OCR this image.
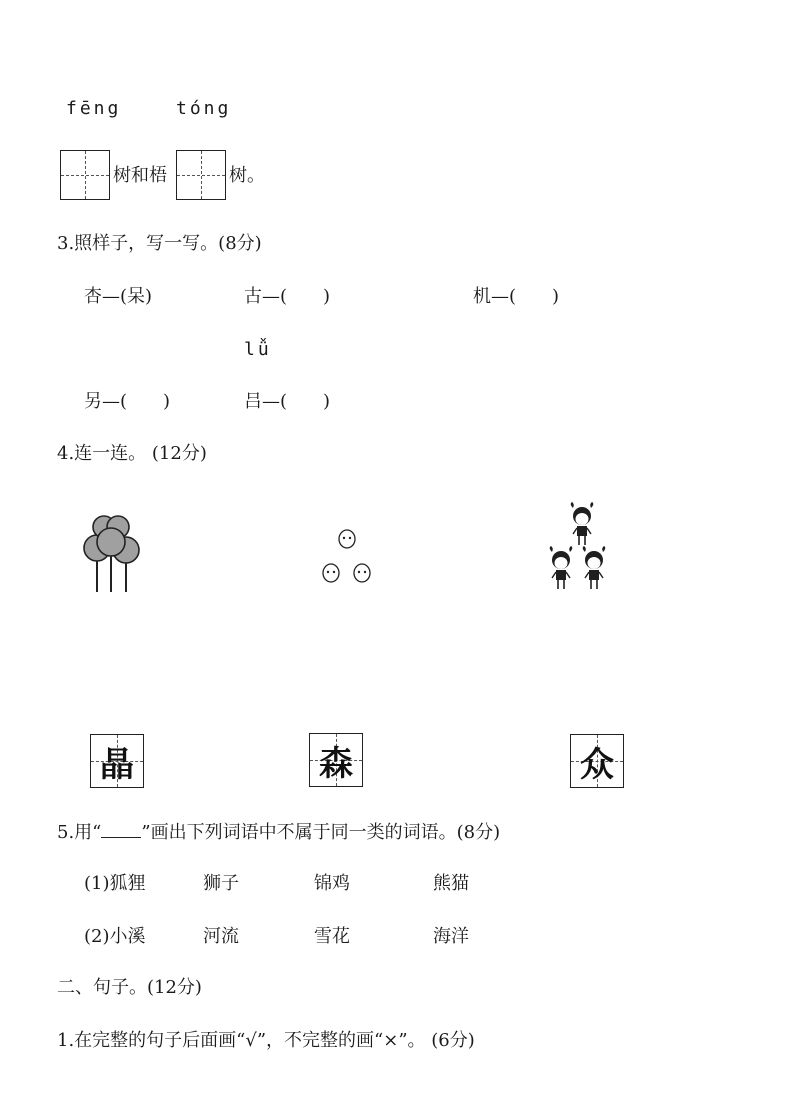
fēng	tóng
树和梧	树。
3.照样子，写一写。(8分)
杏—(呆)	古—(　　)	机—(　　)
lǚ
另—(　　)	吕—(　　)
4.连一连。 (12分)
晶	森	众
5.用“ ”画出下列词语中不属于同一类的词语。(8分)
(1)狐狸	狮子	锦鸡	熊猫
(2)小溪	河流	雪花	海洋
二、句子。(12分)
1.在完整的句子后面画“√”，不完整的画“×”。 (6分)
